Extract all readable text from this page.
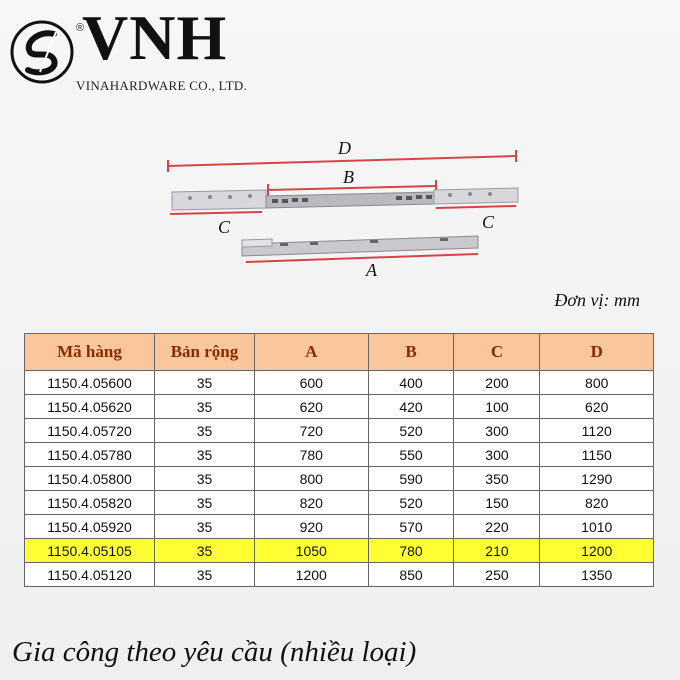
®
VNH
VINAHARDWARE CO., LTD.
D
B
C	C
A
Đơn vị: mm
Mã hàng	Bản rộng	A	B	C	D
1150.4.05600	35	600	400	200	800
1150.4.05620	35	620	420	100	620
1150.4.05720	35	720	520	300	1120
1150.4.05780	35	780	550	300	1150
1150.4.05800	35	800	590	350	1290
1150.4.05820	35	820	520	150	820
1150.4.05920	35	920	570	220	1010
1150.4.05105	35	1050	780	210	1200
1150.4.05120	35	1200	850	250	1350
Gia công theo yêu cầu (nhiều loại)
